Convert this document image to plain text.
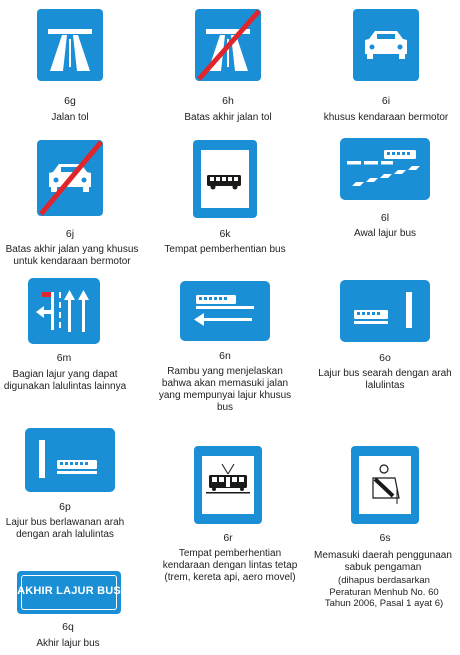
6g
Jalan tol
6h
Batas akhir jalan tol
6i
khusus kendaraan bermotor
6j
Batas akhir jalan yang khusus untuk kendaraan bermotor
6k
Tempat pemberhentian bus
6l
Awal lajur bus
6m
Bagian lajur yang dapat digunakan lalulintas lainnya
6n
Rambu yang menjelaskan bahwa akan memasuki jalan yang mempunyai lajur khusus bus
6o
Lajur bus searah dengan arah lalulintas
6p
Lajur bus berlawanan arah dengan arah lalulintas	6r
Tempat pemberhentian kendaraan dengan lintas tetap (trem, kereta api, aero movel)
6s
Memasuki daerah penggunaan sabuk pengaman
(dihapus berdasarkan Peraturan Menhub No. 60 Tahun 2006, Pasal 1 ayat 6)
AKHIR LAJUR BUS
6q
Akhir lajur bus
